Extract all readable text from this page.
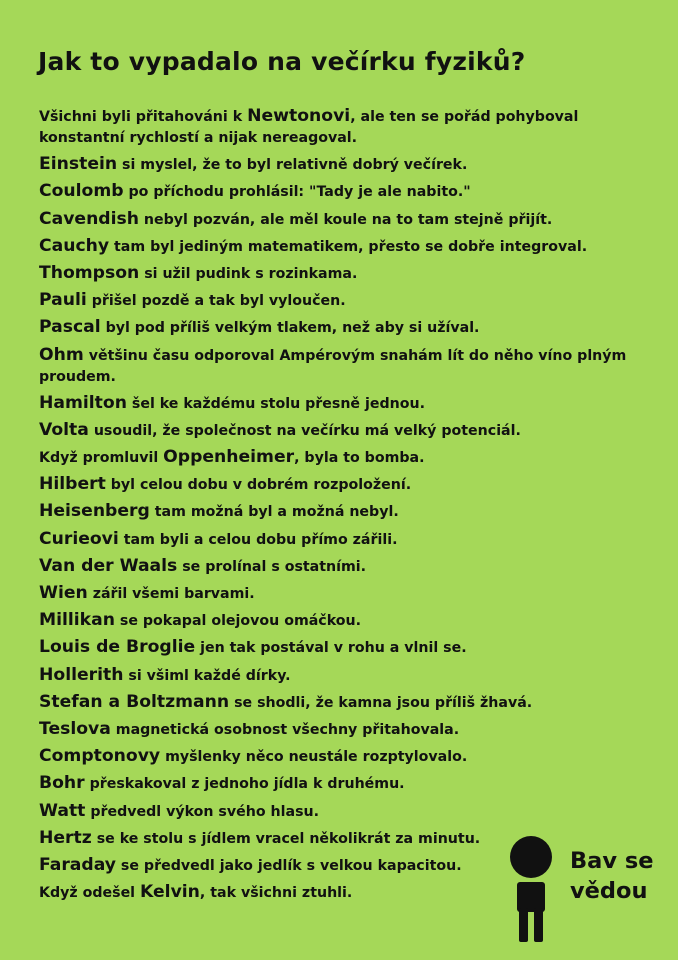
Jak to vypadalo na večírku fyziků?
Všichni byli přitahováni k Newtonovi, ale ten se pořád pohyboval konstantní rychlostí a nijak nereagoval.
Einstein si myslel, že to byl relativně dobrý večírek.
Coulomb po příchodu prohlásil: "Tady je ale nabito."
Cavendish nebyl pozván, ale měl koule na to tam stejně přijít.
Cauchy tam byl jediným matematikem, přesto se dobře integroval.
Thompson si užil pudink s rozinkama.
Pauli přišel pozdě a tak byl vyloučen.
Pascal byl pod příliš velkým tlakem, než aby si užíval.
Ohm většinu času odporoval Ampérovým snahám lít do něho víno plným proudem.
Hamilton šel ke každému stolu přesně jednou.
Volta usoudil, že společnost na večírku má velký potenciál.
Když promluvil Oppenheimer, byla to bomba.
Hilbert byl celou dobu v dobrém rozpoložení.
Heisenberg tam možná byl a možná nebyl.
Curieovi tam byli a celou dobu přímo zářili.
Van der Waals se prolínal s ostatními.
Wien zářil všemi barvami.
Millikan se pokapal olejovou omáčkou.
Louis de Broglie jen tak postával v rohu a vlnil se.
Hollerith si všiml každé dírky.
Stefan a Boltzmann se shodli, že kamna jsou příliš žhavá.
Teslova magnetická osobnost všechny přitahovala.
Comptonovy myšlenky něco neustále rozptylovalo.
Bohr přeskakoval z jednoho jídla k druhému.
Watt předvedl výkon svého hlasu.
Hertz se ke stolu s jídlem vracel několikrát za minutu.
Faraday se předvedl jako jedlík s velkou kapacitou.
Když odešel Kelvin, tak všichni ztuhli.
Bav se
vědou
